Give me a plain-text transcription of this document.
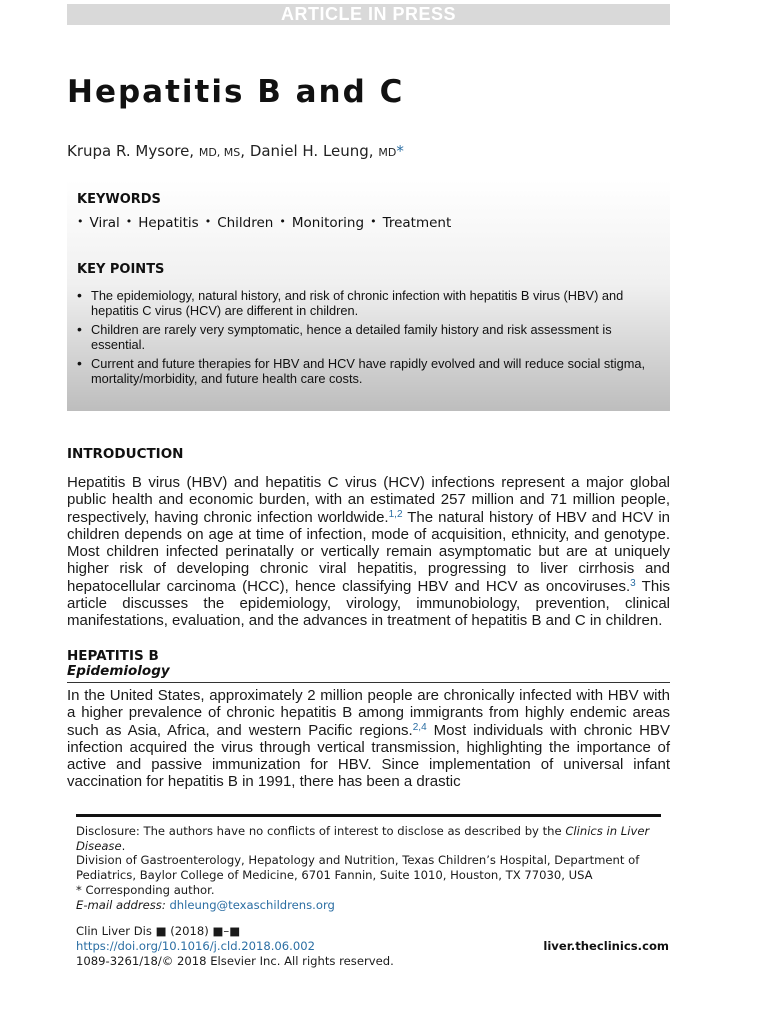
ARTICLE IN PRESS
Hepatitis B and C
Krupa R. Mysore, MD, MS, Daniel H. Leung, MD*
KEYWORDS
• Viral • Hepatitis • Children • Monitoring • Treatment
KEY POINTS
• The epidemiology, natural history, and risk of chronic infection with hepatitis B virus (HBV) and hepatitis C virus (HCV) are different in children.
• Children are rarely very symptomatic, hence a detailed family history and risk assessment is essential.
• Current and future therapies for HBV and HCV have rapidly evolved and will reduce social stigma, mortality/morbidity, and future health care costs.
INTRODUCTION

Hepatitis B virus (HBV) and hepatitis C virus (HCV) infections represent a major global public health and economic burden, with an estimated 257 million and 71 million people, respectively, having chronic infection worldwide.$^{1,2}$ The natural history of HBV and HCV in children depends on age at time of infection, mode of acquisition, ethnicity, and genotype. Most children infected perinatally or vertically remain asymptomatic but are at uniquely higher risk of developing chronic viral hepatitis, progressing to liver cirrhosis and hepatocellular carcinoma (HCC), hence classifying HBV and HCV as oncoviruses.$^3$ This article discusses the epidemiology, virology, immunobiology, prevention, clinical manifestations, evaluation, and the advances in treatment of hepatitis B and C in children.

HEPATITIS B
Epidemiology

In the United States, approximately 2 million people are chronically infected with HBV with a higher prevalence of chronic hepatitis B among immigrants from highly endemic areas such as Asia, Africa, and western Pacific regions.$^{2,4}$ Most individuals with chronic HBV infection acquired the virus through vertical transmission, highlighting the importance of active and passive immunization for HBV. Since implementation of universal infant vaccination for hepatitis B in 1991, there has been a drastic

Disclosure: The authors have no conflicts of interest to disclose as described by the Clinics in Liver Disease.
Division of Gastroenterology, Hepatology and Nutrition, Texas Children’s Hospital, Department of Pediatrics, Baylor College of Medicine, 6701 Fannin, Suite 1010, Houston, TX 77030, USA
* Corresponding author.
E-mail address: dhleung@texaschildrens.org
Clin Liver Dis ■ (2018) ■–■
https://doi.org/10.1016/j.cld.2018.06.002	liver.theclinics.com
1089-3261/18/© 2018 Elsevier Inc. All rights reserved.
